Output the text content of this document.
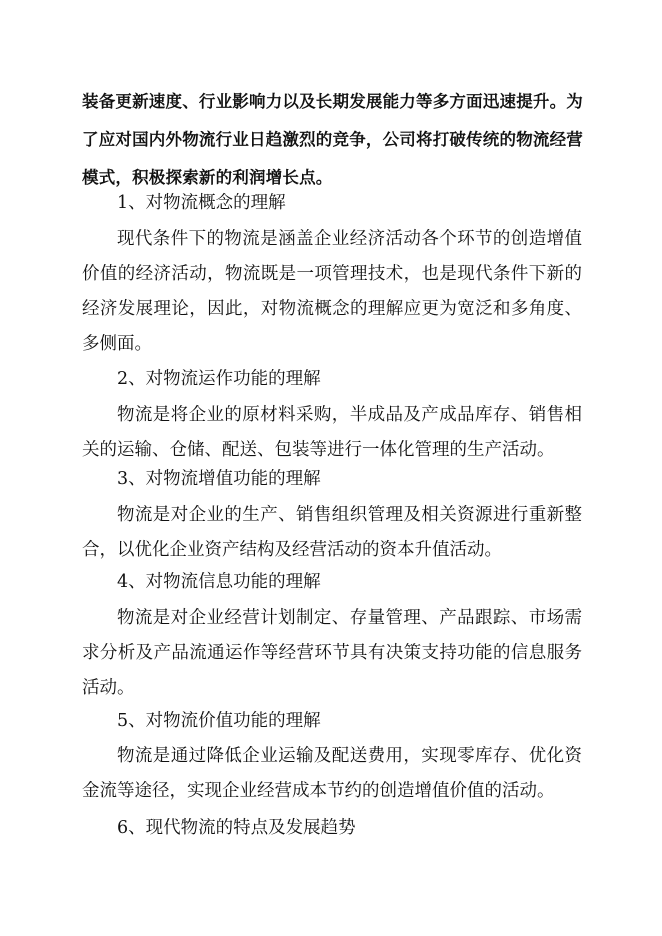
装备更新速度、行业影响力以及长期发展能力等多方面迅速提升。为
了应对国内外物流行业日趋激烈的竞争，公司将打破传统的物流经营
模式，积极探索新的利润增长点。
1、对物流概念的理解
现代条件下的物流是涵盖企业经济活动各个环节的创造增值
价值的经济活动，物流既是一项管理技术，也是现代条件下新的
经济发展理论，因此，对物流概念的理解应更为宽泛和多角度、
多侧面。
2、对物流运作功能的理解
物流是将企业的原材料采购，半成品及产成品库存、销售相
关的运输、仓储、配送、包装等进行一体化管理的生产活动。
3、对物流增值功能的理解
物流是对企业的生产、销售组织管理及相关资源进行重新整
合，以优化企业资产结构及经营活动的资本升值活动。
4、对物流信息功能的理解
物流是对企业经营计划制定、存量管理、产品跟踪、市场需
求分析及产品流通运作等经营环节具有决策支持功能的信息服务
活动。
5、对物流价值功能的理解
物流是通过降低企业运输及配送费用，实现零库存、优化资
金流等途径，实现企业经营成本节约的创造增值价值的活动。
6、现代物流的特点及发展趋势
